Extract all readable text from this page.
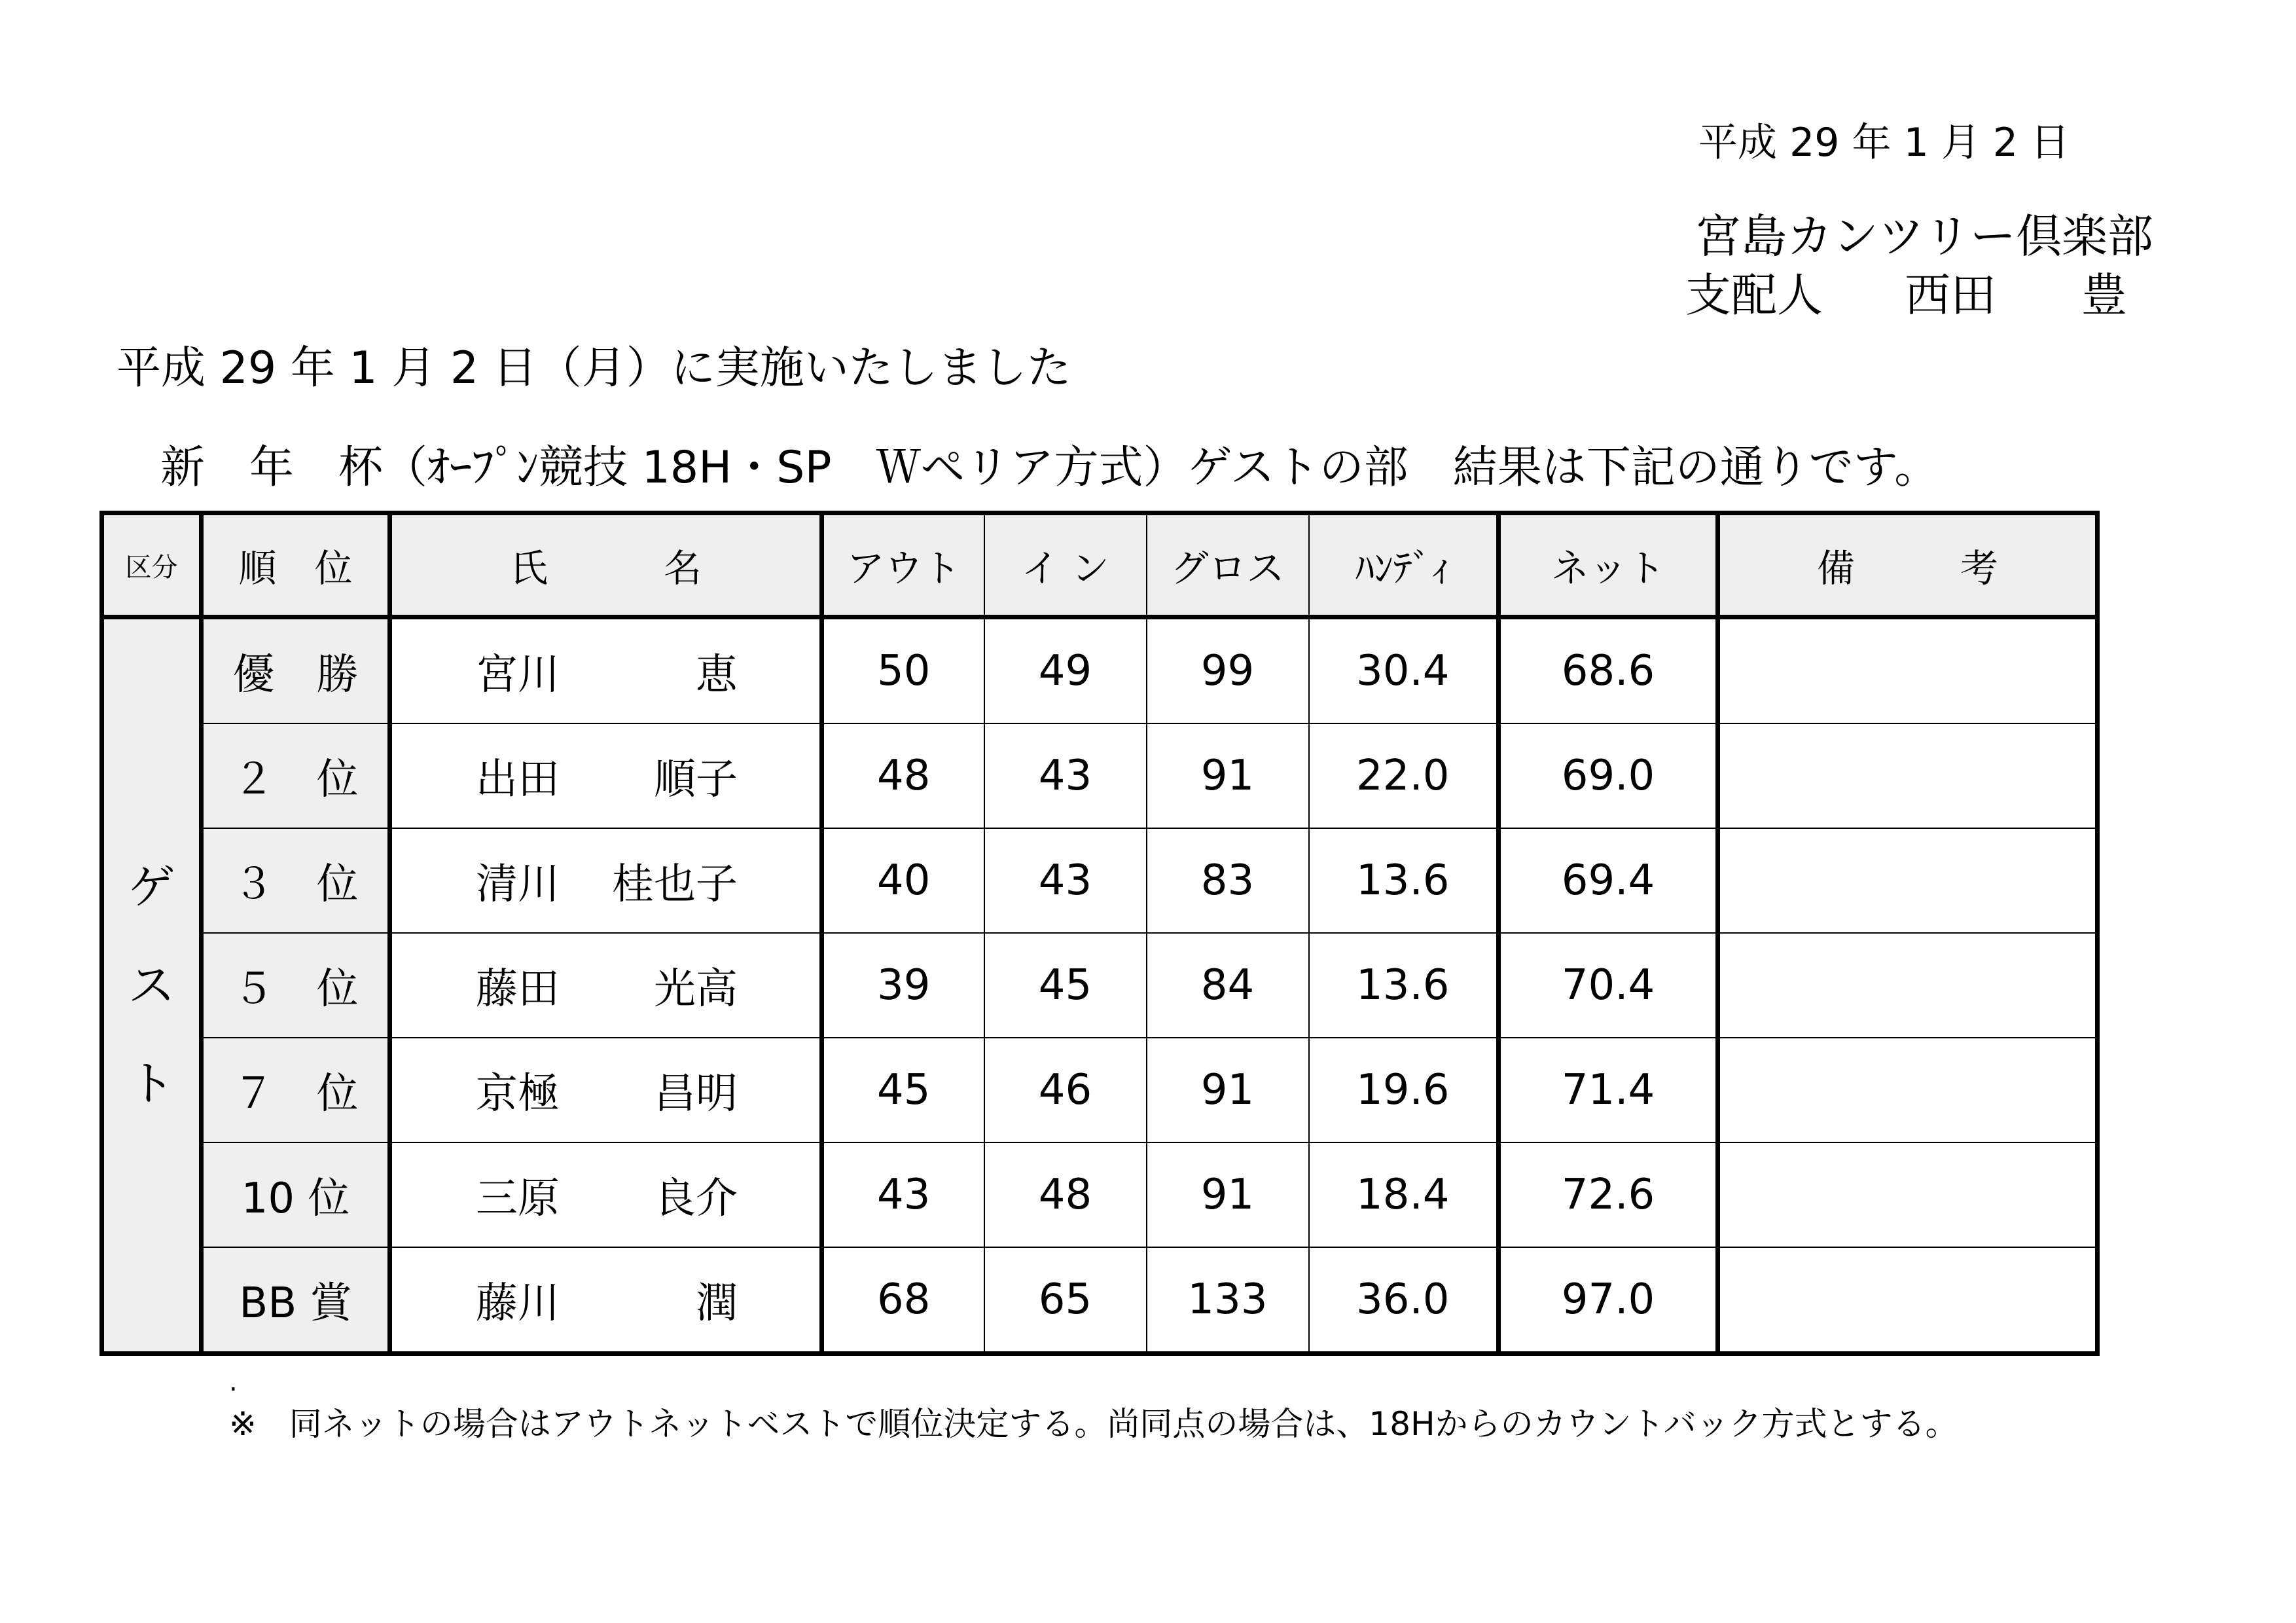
平成 29 年 1 月 2 日
宮島カンツリー倶楽部
支配人 西田 豊
平成 29 年 1 月 2 日（月）に実施いたしました
新　年　杯（ｵｰﾌﾟﾝ競技 18H・SP　Ｗペリア方式）ゲストの部　結果は下記の通りです。
区分	順　位	氏 名	アウト	イ ン	グロス	ﾊﾝﾃﾞｨ	ネット	備 考

ゲ
ス
ト	優　勝	宮川 恵	50	49	99	30.4	68.6	
	２　位	出田 順子	48	43	91	22.0	69.0	
	３　位	清川 桂也子	40	43	83	13.6	69.4	
	５　位	藤田 光高	39	45	84	13.6	70.4	
	７　位	京極 昌明	45	46	91	19.6	71.4	
	10 位	三原 良介	43	48	91	18.4	72.6	
	BB 賞	藤川 潤	68	65	133	36.0	97.0	
.
※　同ネットの場合はアウトネットベストで順位決定する。尚同点の場合は、18Hからのカウントバック方式とする。
